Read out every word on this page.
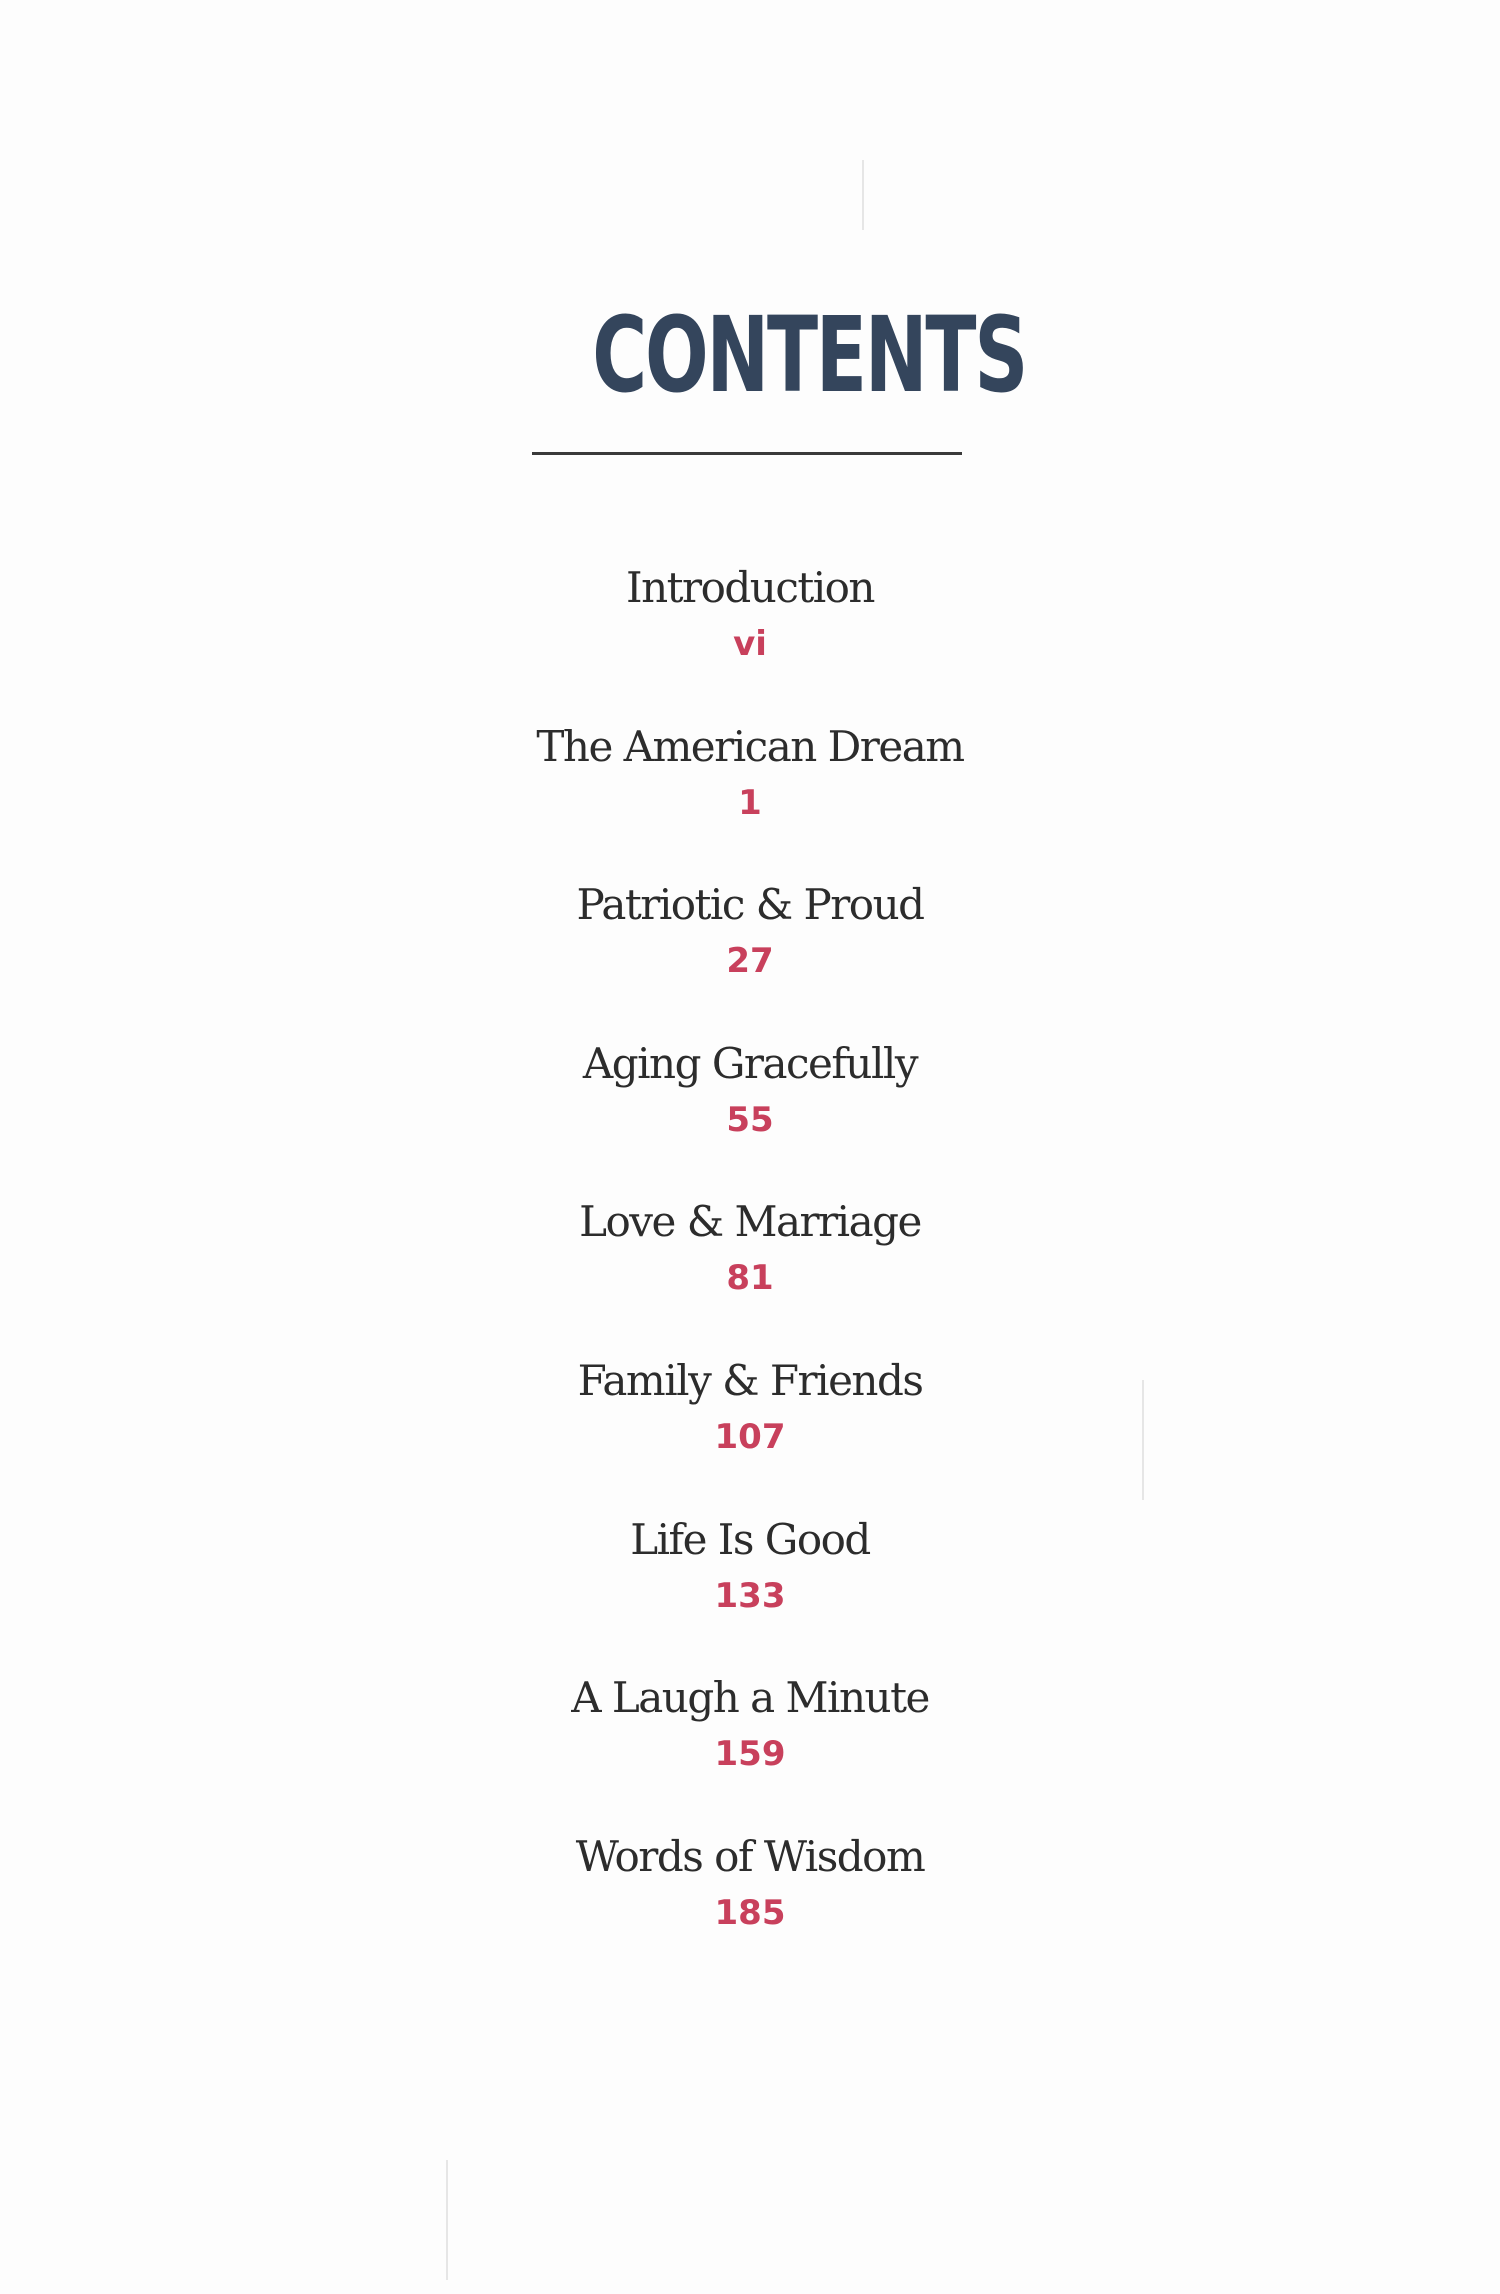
CONTENTS
Introduction
vi
The American Dream
1
Patriotic & Proud
27
Aging Gracefully
55
Love & Marriage
81
Family & Friends
107
Life Is Good
133
A Laugh a Minute
159
Words of Wisdom
185
